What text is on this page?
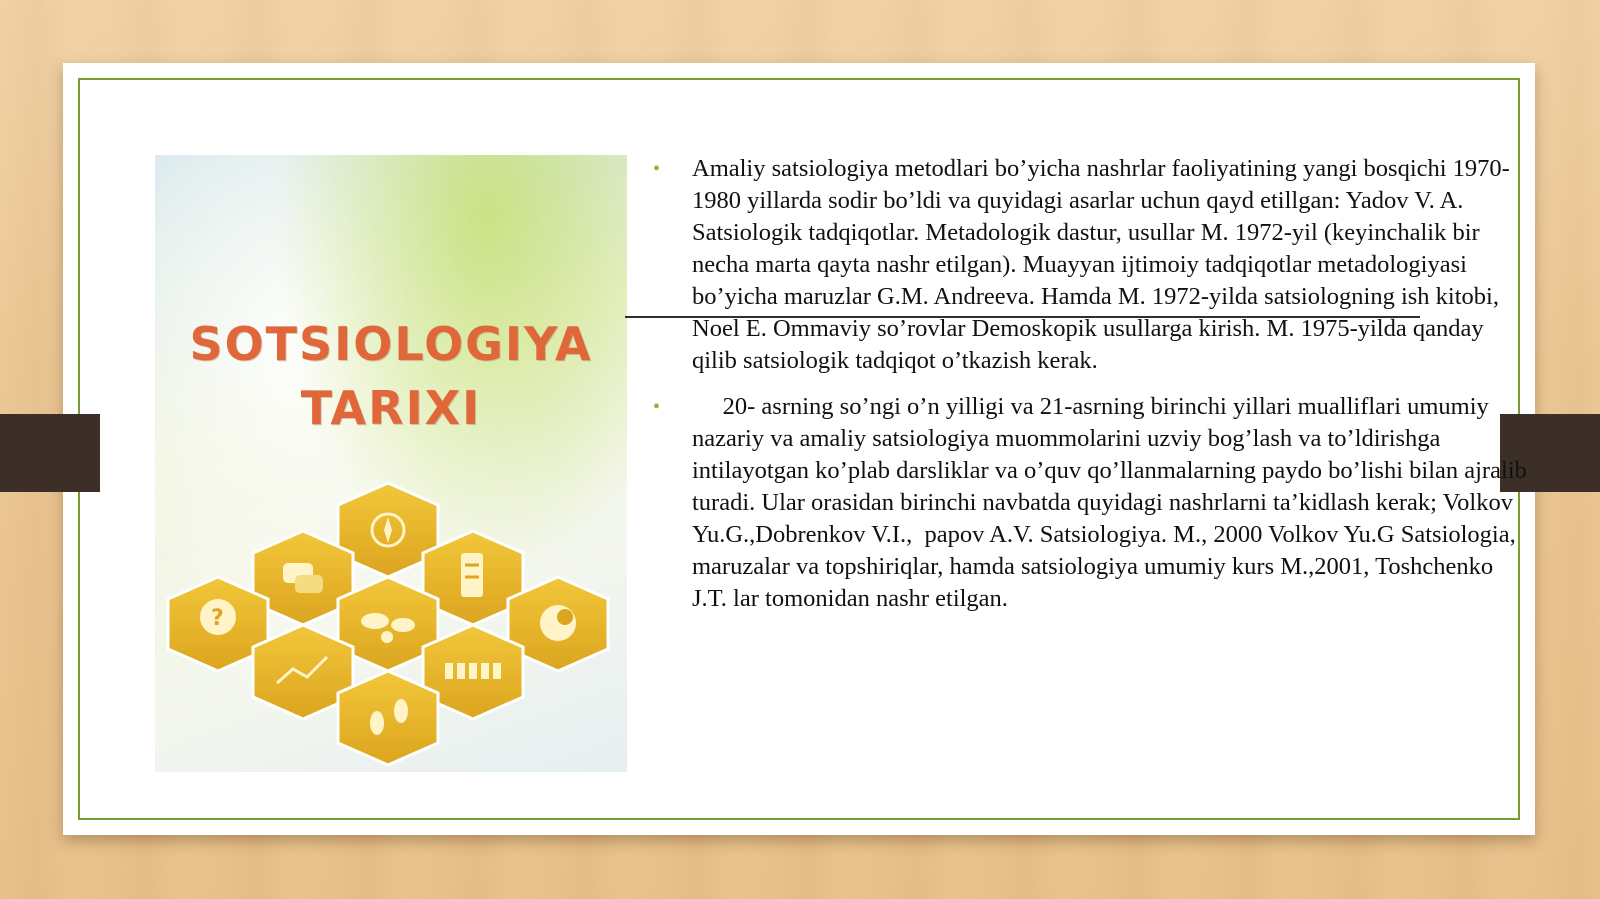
?
SOTSIOLOGIYA
TARIXI
• Amaliy satsiologiya metodlari bo’yicha nashrlar faoliyatining yangi bosqichi 1970-1980 yillarda sodir bo’ldi va quyidagi asarlar uchun qayd etillgan: Yadov V. A. Satsiologik tadqiqotlar. Metadologik dastur, usullar M. 1972-yil (keyinchalik bir necha marta qayta nashr etilgan). Muayyan ijtimoiy tadqiqotlar metadologiyasi bo’yicha maruzlar G.M. Andreeva. Hamda M. 1972-yilda satsiologning ish kitobi, Noel E. Ommaviy so’rovlar Demoskopik usullarga kirish. M. 1975-yilda qanday qilib satsiologik tadqiqot o’tkazish kerak.
• 20- asrning so’ngi o’n yilligi va 21-asrning birinchi yillari mualliflari umumiy nazariy va amaliy satsiologiya muommolarini uzviy bog’lash va to’ldirishga intilayotgan ko’plab darsliklar va o’quv qo’llanmalarning paydo bo’lishi bilan ajralib turadi. Ular orasidan birinchi navbatda quyidagi nashrlarni ta’kidlash kerak; Volkov Yu.G.,Dobrenkov V.I.,  papov A.V. Satsiologiya. M., 2000 Volkov Yu.G Satsiologia, maruzalar va topshiriqlar, hamda satsiologiya umumiy kurs M.,2001, Toshchenko J.T. lar tomonidan nashr etilgan.
